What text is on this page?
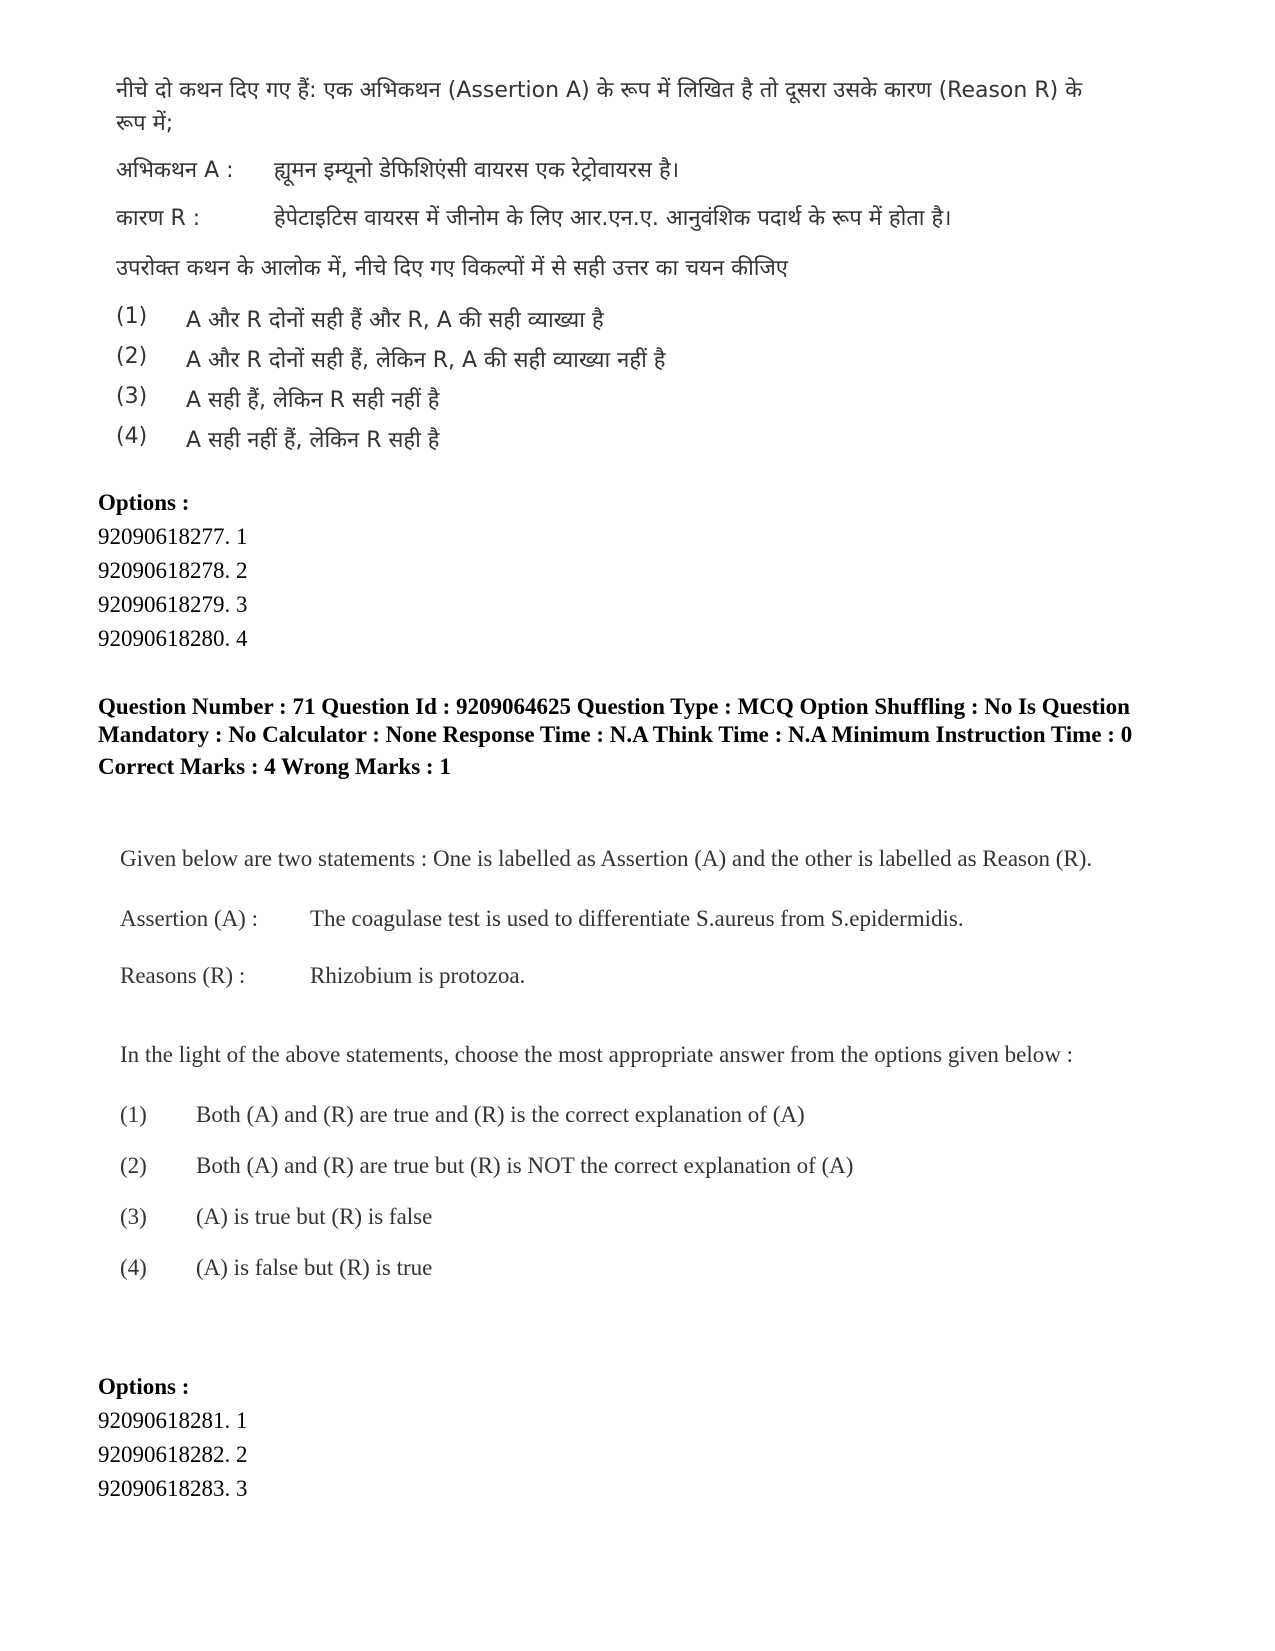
नीचे दो कथन दिए गए हैं: एक अभिकथन (Assertion A) के रूप में लिखित है तो दूसरा उसके कारण (Reason R) के रूप में;

अभिकथन A :	ह्यूमन इम्यूनो डेफिशिएंसी वायरस एक रेट्रोवायरस है।
कारण R :	हेपेटाइटिस वायरस में जीनोम के लिए आर.एन.ए. आनुवंशिक पदार्थ के रूप में होता है।

उपरोक्त कथन के आलोक में, नीचे दिए गए विकल्पों में से सही उत्तर का चयन कीजिए

(1)	A और R दोनों सही हैं और R, A की सही व्याख्या है
(2)	A और R दोनों सही हैं, लेकिन R, A की सही व्याख्या नहीं है
(3)	A सही हैं, लेकिन R सही नहीं है
(4)	A सही नहीं हैं, लेकिन R सही है
Options :
92090618277. 1
92090618278. 2
92090618279. 3
92090618280. 4
Question Number : 71 Question Id : 9209064625 Question Type : MCQ Option Shuffling : No Is Question Mandatory : No Calculator : None Response Time : N.A Think Time : N.A Minimum Instruction Time : 0
Correct Marks : 4 Wrong Marks : 1

Given below are two statements : One is labelled as Assertion (A) and the other is labelled as Reason (R).

Assertion (A) :	The coagulase test is used to differentiate S.aureus from S.epidermidis.
Reasons (R) :	Rhizobium is protozoa.

In the light of the above statements, choose the most appropriate answer from the options given below :

(1)	Both (A) and (R) are true and (R) is the correct explanation of (A)
(2)	Both (A) and (R) are true but (R) is NOT the correct explanation of (A)
(3)	(A) is true but (R) is false
(4)	(A) is false but (R) is true
Options :
92090618281. 1
92090618282. 2
92090618283. 3
